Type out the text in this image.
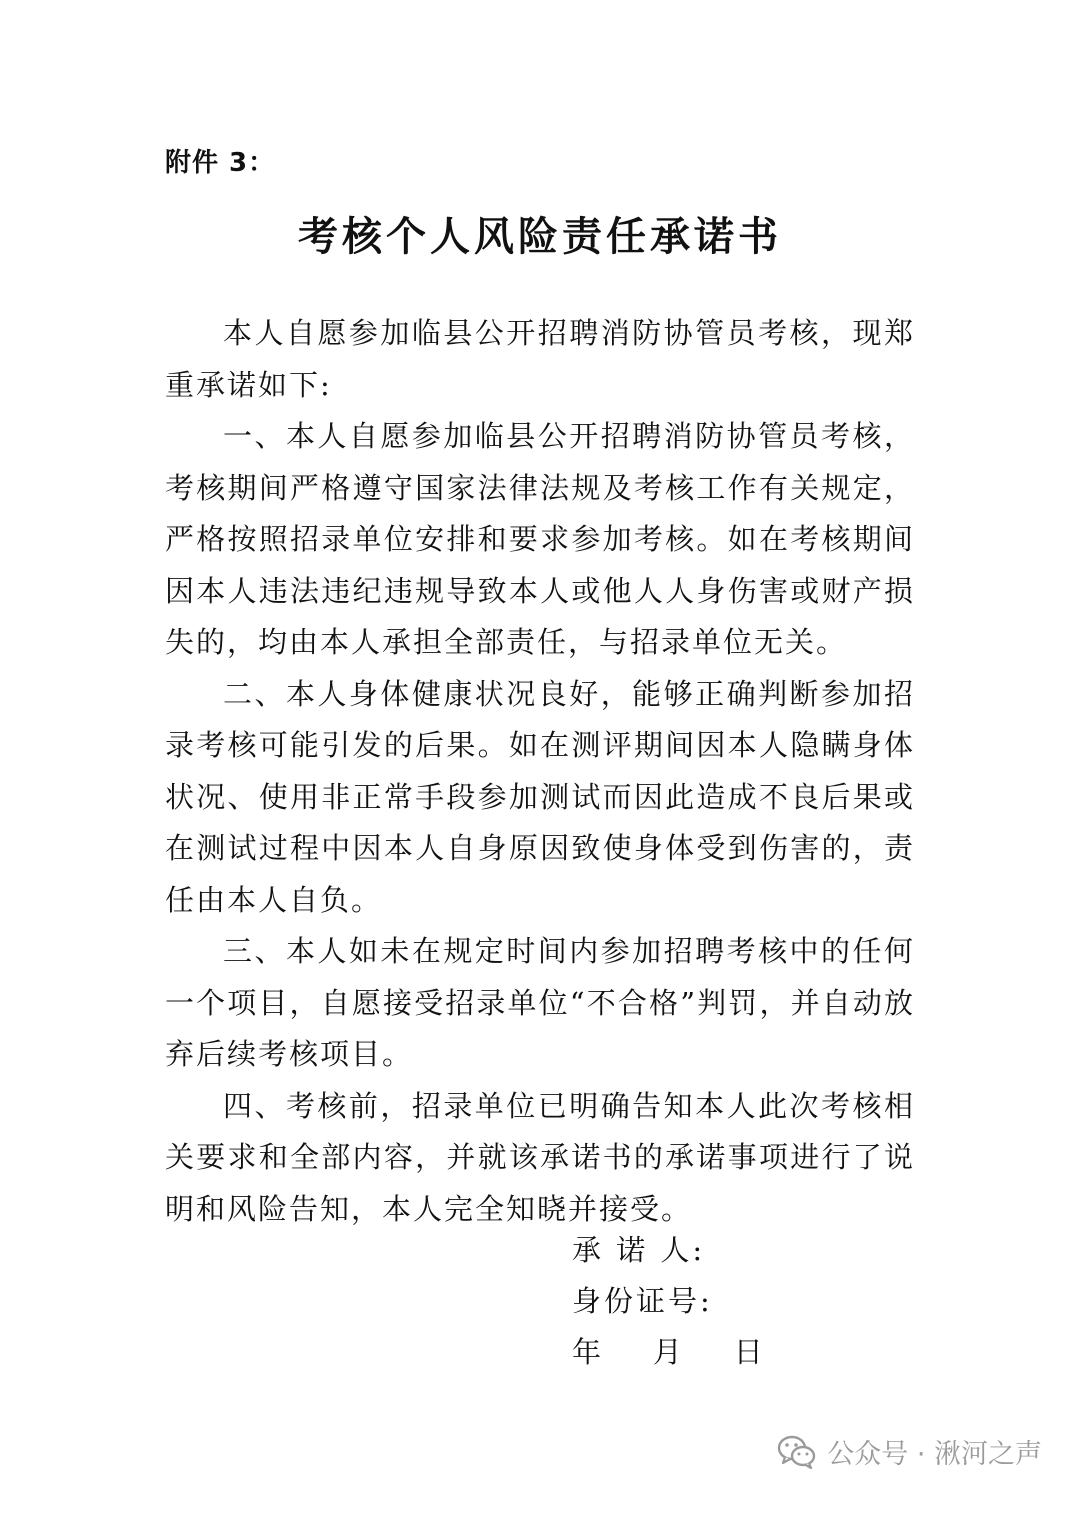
附件 3：
考核个人风险责任承诺书

本人自愿参加临县公开招聘消防协管员考核，现郑重承诺如下:

一、本人自愿参加临县公开招聘消防协管员考核，考核期间严格遵守国家法律法规及考核工作有关规定，严格按照招录单位安排和要求参加考核。如在考核期间因本人违法违纪违规导致本人或他人人身伤害或财产损失的，均由本人承担全部责任，与招录单位无关。

二、本人身体健康状况良好，能够正确判断参加招录考核可能引发的后果。如在测评期间因本人隐瞒身体状况、使用非正常手段参加测试而因此造成不良后果或在测试过程中因本人自身原因致使身体受到伤害的，责任由本人自负。

三、本人如未在规定时间内参加招聘考核中的任何一个项目，自愿接受招录单位“不合格”判罚，并自动放弃后续考核项目。

四、考核前，招录单位已明确告知本人此次考核相关要求和全部内容，并就该承诺书的承诺事项进行了说明和风险告知，本人完全知晓并接受。

承 诺 人:
身份证号:
年    月    日
公众号 · 湫河之声
